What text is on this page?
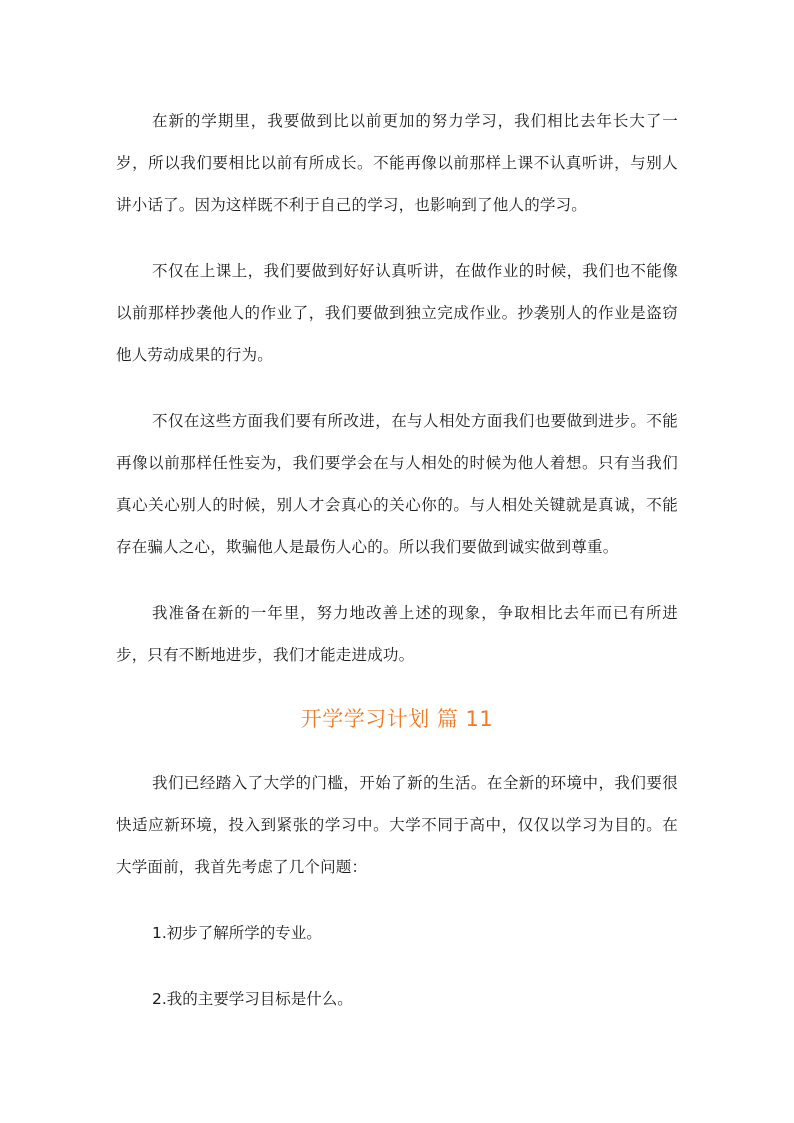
在新的学期里，我要做到比以前更加的努力学习，我们相比去年长大了一岁，所以我们要相比以前有所成长。不能再像以前那样上课不认真听讲，与别人讲小话了。因为这样既不利于自己的学习，也影响到了他人的学习。

不仅在上课上，我们要做到好好认真听讲，在做作业的时候，我们也不能像以前那样抄袭他人的作业了，我们要做到独立完成作业。抄袭别人的作业是盗窃他人劳动成果的行为。

不仅在这些方面我们要有所改进，在与人相处方面我们也要做到进步。不能再像以前那样任性妄为，我们要学会在与人相处的时候为他人着想。只有当我们真心关心别人的时候，别人才会真心的关心你的。与人相处关键就是真诚，不能存在骗人之心，欺骗他人是最伤人心的。所以我们要做到诚实做到尊重。

我准备在新的一年里，努力地改善上述的现象，争取相比去年而已有所进步，只有不断地进步，我们才能走进成功。

开学学习计划 篇 11

我们已经踏入了大学的门槛，开始了新的生活。在全新的环境中，我们要很快适应新环境，投入到紧张的学习中。大学不同于高中，仅仅以学习为目的。在大学面前，我首先考虑了几个问题：

1.初步了解所学的专业。

2.我的主要学习目标是什么。
